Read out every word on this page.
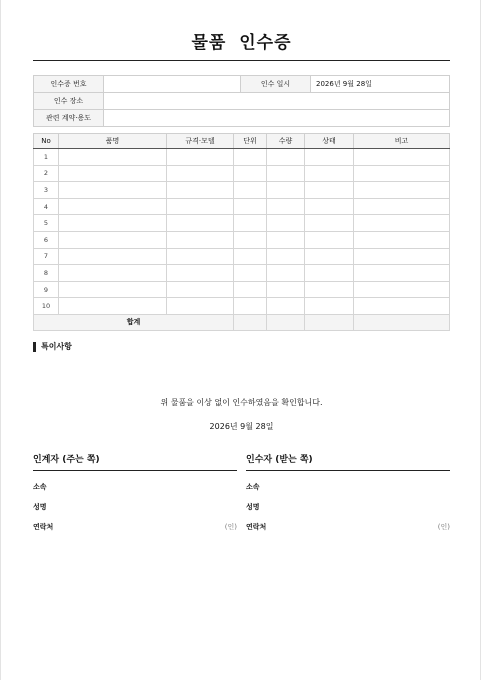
물품 인수증
인수증 번호		인수 일시	2026년 9월 28일
인수 장소			
관련 계약·용도			
No	품명	규격·모델	단위	수량	상태	비고
1						
2						
3						
4						
5						
6						
7						
8						
9						
10						
합계						
특이사항
위 물품을 이상 없이 인수하였음을 확인합니다.
2026년 9월 28일
인계자 (주는 쪽)
소속
성명
연락처	(인)
인수자 (받는 쪽)
소속
성명
연락처	(인)
